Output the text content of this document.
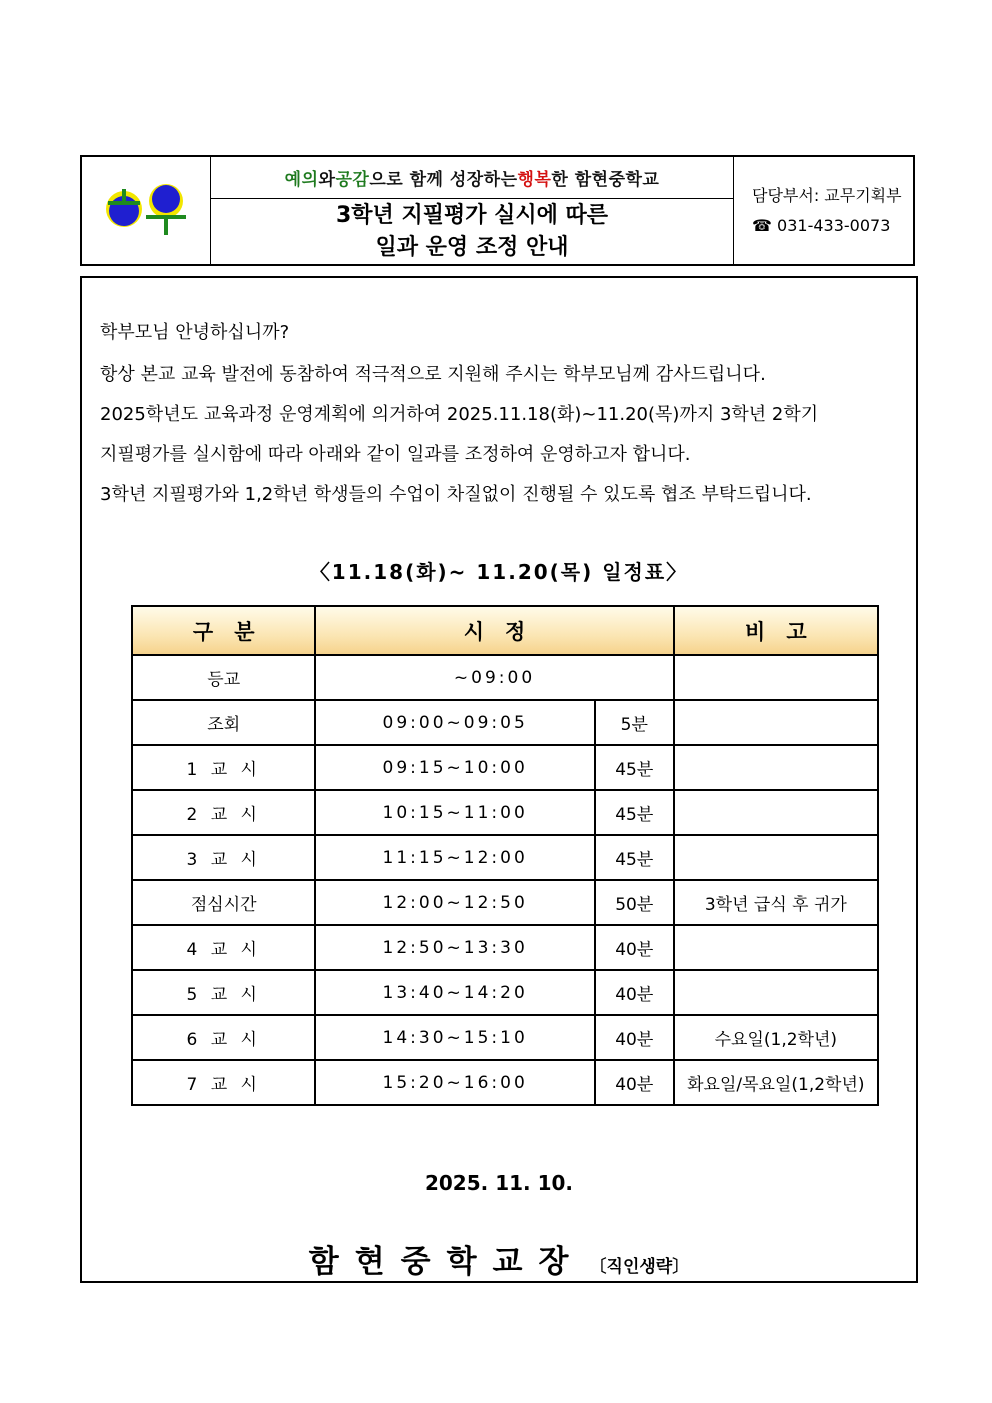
예의 와 공감 으로 함께 성장하는 행복 한 함현중학교
3학년 지필평가 실시에 따른
일과 운영 조정 안내
담당부서: 교무기획부
☎ 031-433-0073
학부모님 안녕하십니까?
항상 본교 교육 발전에 동참하여 적극적으로 지원해 주시는 학부모님께 감사드립니다.
2025학년도 교육과정 운영계획에 의거하여 2025.11.18(화)~11.20(목)까지 3학년 2학기
지필평가를 실시함에 따라 아래와 같이 일과를 조정하여 운영하고자 합니다.
3학년 지필평가와 1,2학년 학생들의 수업이 차질없이 진행될 수 있도록 협조 부탁드립니다.
〈11.18(화)~ 11.20(목) 일정표〉
구　분	시　정		비　고
등교	~09:00		
조회	09:00~09:05	5분	
1 교 시	09:15~10:00	45분	
2 교 시	10:15~11:00	45분	
3 교 시	11:15~12:00	45분	
점심시간	12:00~12:50	50분	3학년 급식 후 귀가
4 교 시	12:50~13:30	40분	
5 교 시	13:40~14:20	40분	
6 교 시	14:30~15:10	40분	수요일(1,2학년)
7 교 시	15:20~16:00	40분	화요일/목요일(1,2학년)
2025. 11. 10.
함현중학교장 〔직인생략〕
